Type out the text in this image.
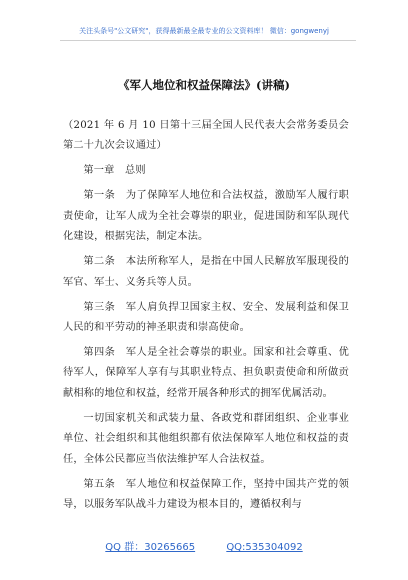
关注头条号"公文研究"，获得最新最全最专业的公文资料库！ 微信：gongwenyj
《军人地位和权益保障法》(讲稿)

（2021 年 6 月 10 日第十三届全国人民代表大会常务委员会第二十九次会议通过）

第一章　总则

第一条　为了保障军人地位和合法权益，激励军人履行职责使命，让军人成为全社会尊崇的职业，促进国防和军队现代化建设，根据宪法，制定本法。

第二条　本法所称军人，是指在中国人民解放军服现役的军官、军士、义务兵等人员。

第三条　军人肩负捍卫国家主权、安全、发展利益和保卫人民的和平劳动的神圣职责和崇高使命。

第四条　军人是全社会尊崇的职业。国家和社会尊重、优待军人，保障军人享有与其职业特点、担负职责使命和所做贡献相称的地位和权益，经常开展各种形式的拥军优属活动。

一切国家机关和武装力量、各政党和群团组织、企业事业单位、社会组织和其他组织都有依法保障军人地位和权益的责任，全体公民都应当依法维护军人合法权益。

第五条　军人地位和权益保障工作，坚持中国共产党的领导，以服务军队战斗力建设为根本目的，遵循权利与

QQ 群：30265665	QQ:535304092
